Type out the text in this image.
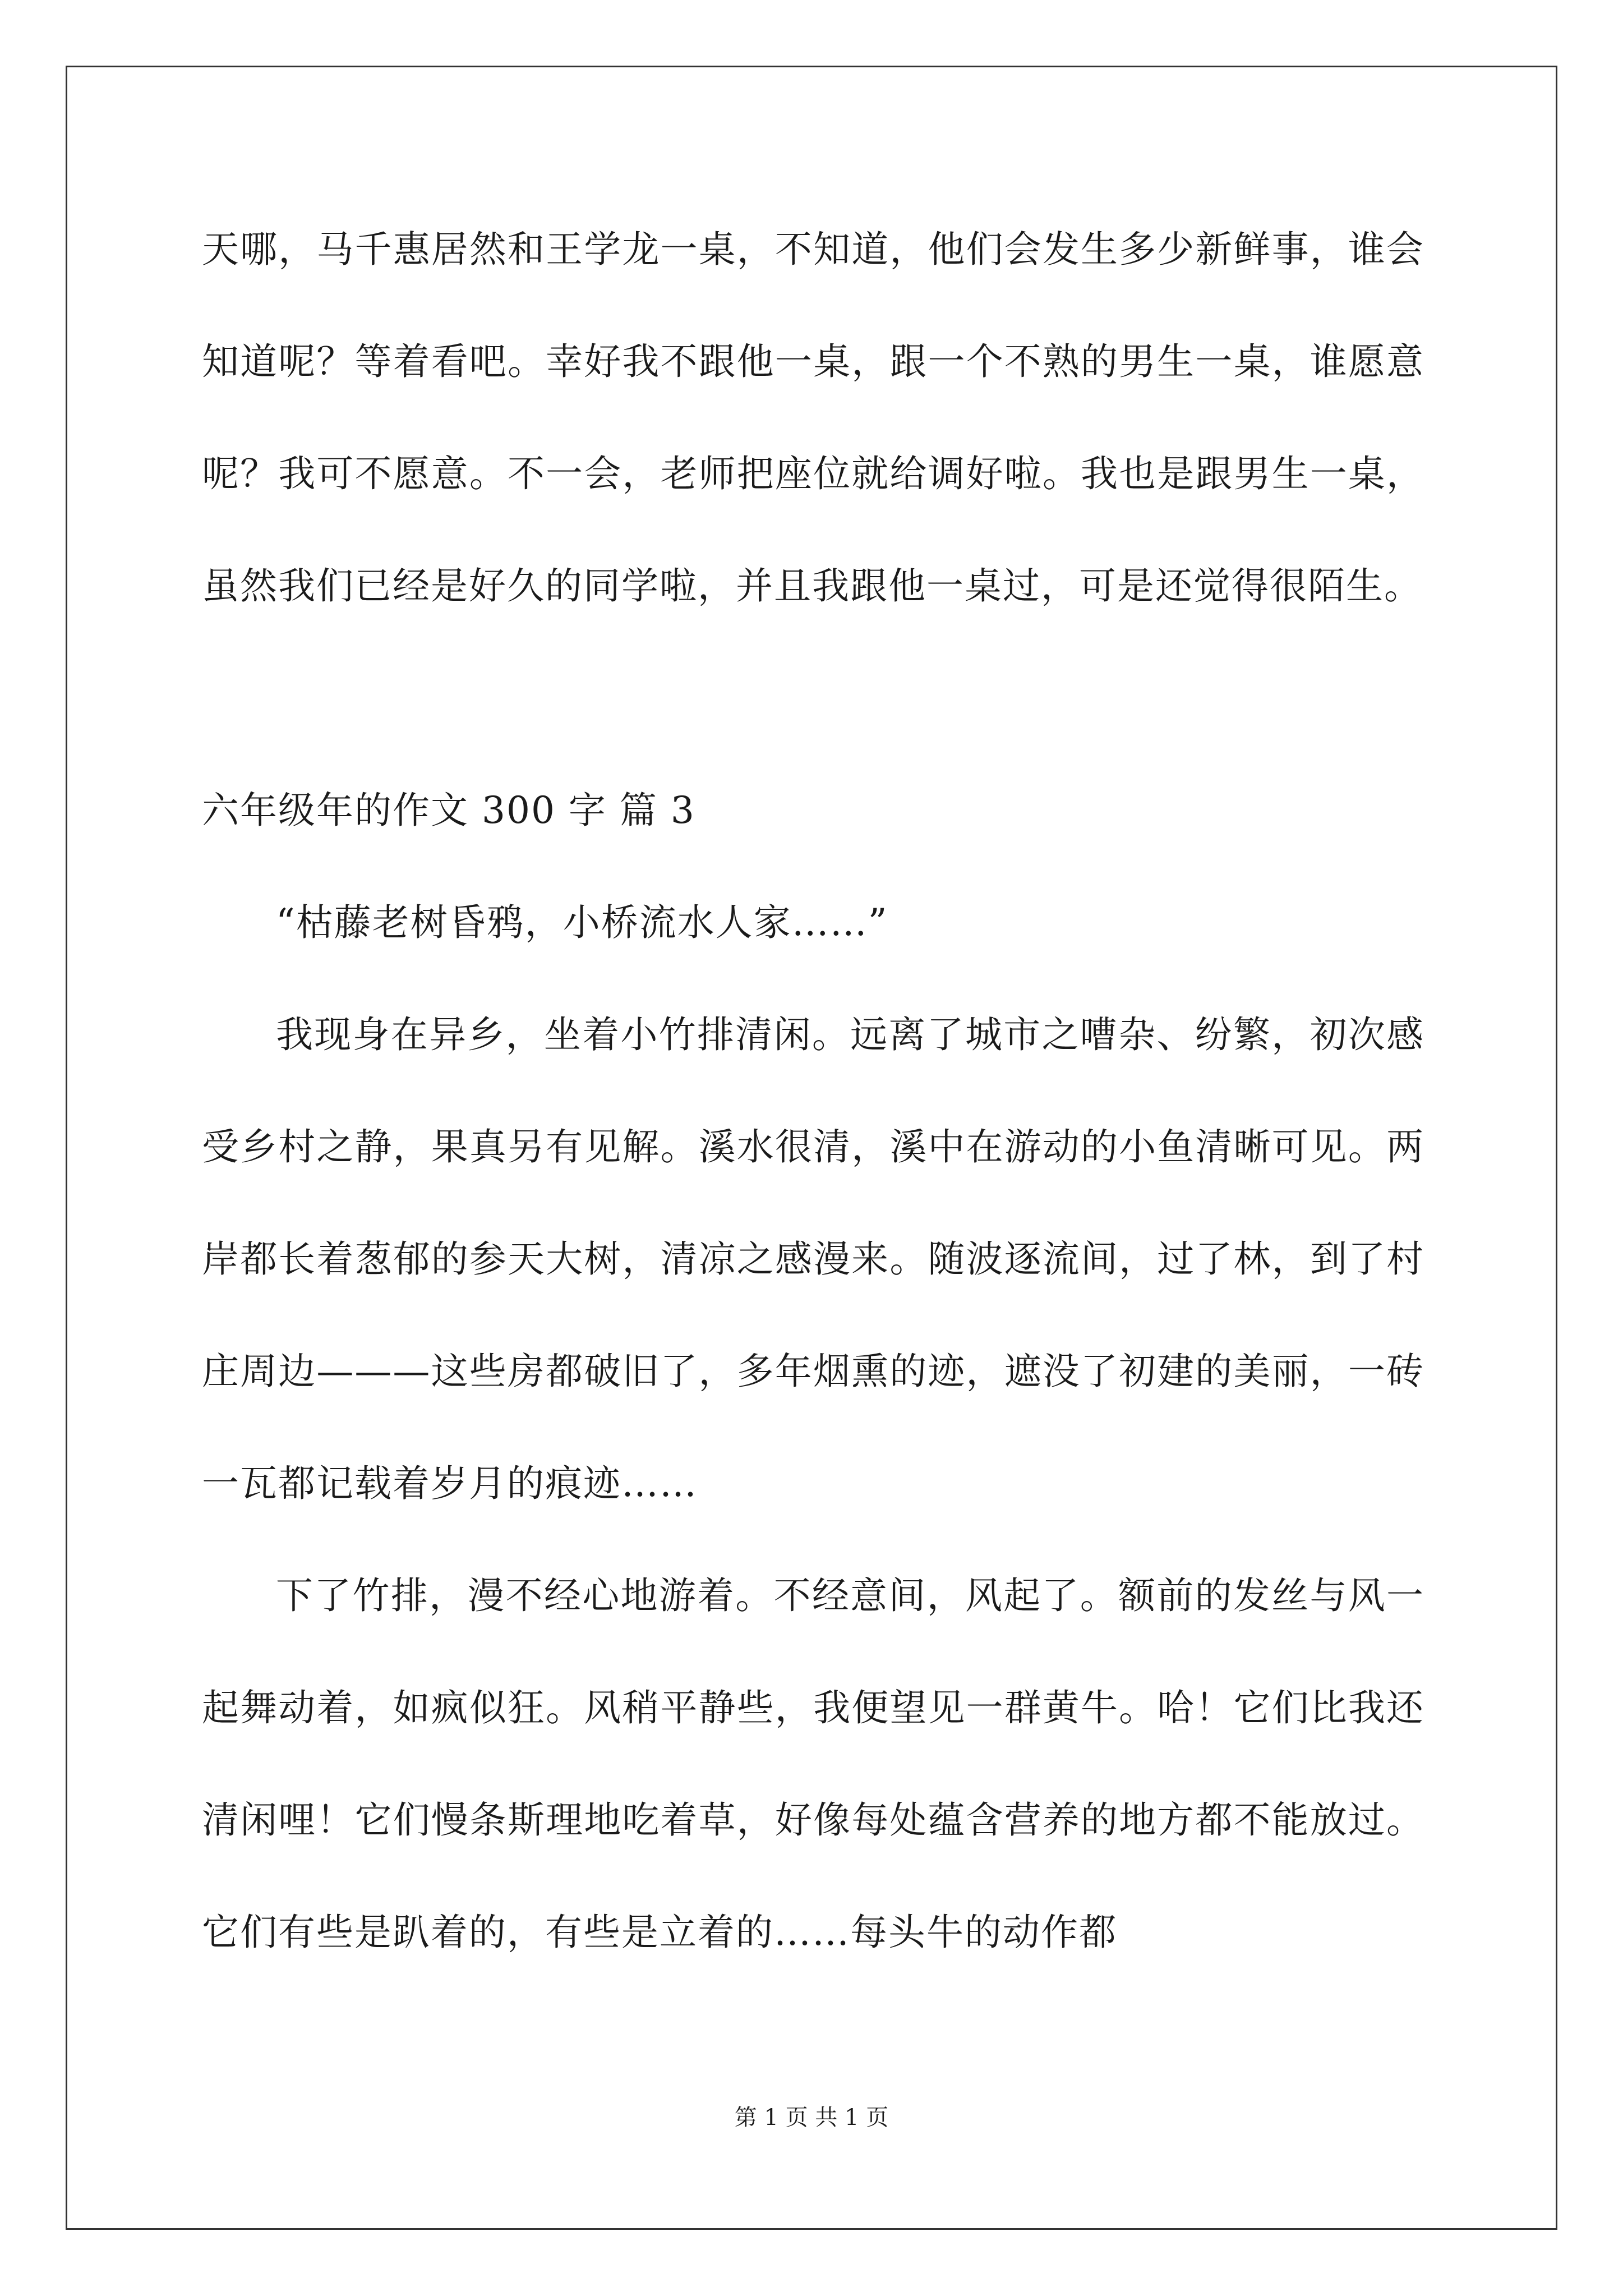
天哪，马千惠居然和王学龙一桌，不知道，他们会发生多少新鲜事，谁会知道呢？等着看吧。幸好我不跟他一桌，跟一个不熟的男生一桌，谁愿意呢？我可不愿意。不一会，老师把座位就给调好啦。我也是跟男生一桌，虽然我们已经是好久的同学啦，并且我跟他一桌过，可是还觉得很陌生。

六年级年的作文 300 字 篇 3

“枯藤老树昏鸦，小桥流水人家……”

我现身在异乡，坐着小竹排清闲。远离了城市之嘈杂、纷繁，初次感受乡村之静，果真另有见解。溪水很清，溪中在游动的小鱼清晰可见。两岸都长着葱郁的参天大树，清凉之感漫来。随波逐流间，过了林，到了村庄周边———这些房都破旧了，多年烟熏的迹，遮没了初建的美丽，一砖一瓦都记载着岁月的痕迹……

下了竹排，漫不经心地游着。不经意间，风起了。额前的发丝与风一起舞动着，如疯似狂。风稍平静些，我便望见一群黄牛。哈！它们比我还清闲哩！它们慢条斯理地吃着草，好像每处蕴含营养的地方都不能放过。它们有些是趴着的，有些是立着的……每头牛的动作都

第 1 页 共 1 页
